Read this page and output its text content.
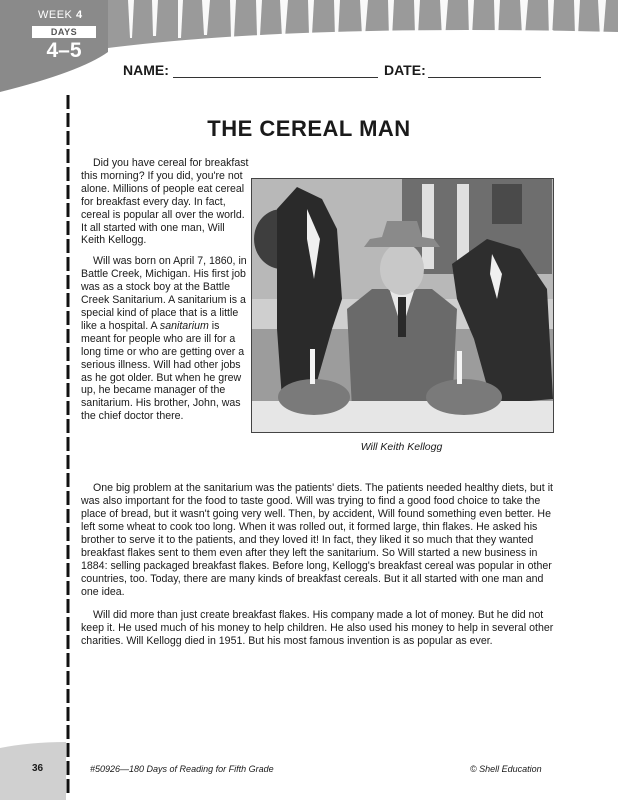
WEEK 4
DAYS
4–5
NAME:	DATE:
THE CEREAL MAN

Did you have cereal for breakfast this morning? If you did, you're not alone. Millions of people eat cereal for breakfast every day. In fact, cereal is popular all over the world. It all started with one man, Will Keith Kellogg.

Will was born on April 7, 1860, in Battle Creek, Michigan. His first job was as a stock boy at the Battle Creek Sanitarium. A sanitarium is a special kind of place that is a little like a hospital. A sanitarium is meant for people who are ill for a long time or who are getting over a serious illness. Will had other jobs as he got older. But when he grew up, he became manager of the sanitarium. His brother, John, was the chief doctor there.

Will Keith Kellogg

One big problem at the sanitarium was the patients' diets. The patients needed healthy diets, but it was also important for the food to taste good. Will was trying to find a good food choice to take the place of bread, but it wasn't going very well. Then, by accident, Will found something even better. He left some wheat to cook too long. When it was rolled out, it formed large, thin flakes. He asked his brother to serve it to the patients, and they loved it! In fact, they liked it so much that they wanted breakfast flakes sent to them even after they left the sanitarium. So Will started a new business in 1884: selling packaged breakfast flakes. Before long, Kellogg's breakfast cereal was popular in other countries, too. Today, there are many kinds of breakfast cereals. But it all started with one man and one idea.

Will did more than just create breakfast flakes. His company made a lot of money. But he did not keep it. He used much of his money to help children. He also used his money to help in several other charities. Will Kellogg died in 1951. But his most famous invention is as popular as ever.

36	#50926—180 Days of Reading for Fifth Grade	© Shell Education
